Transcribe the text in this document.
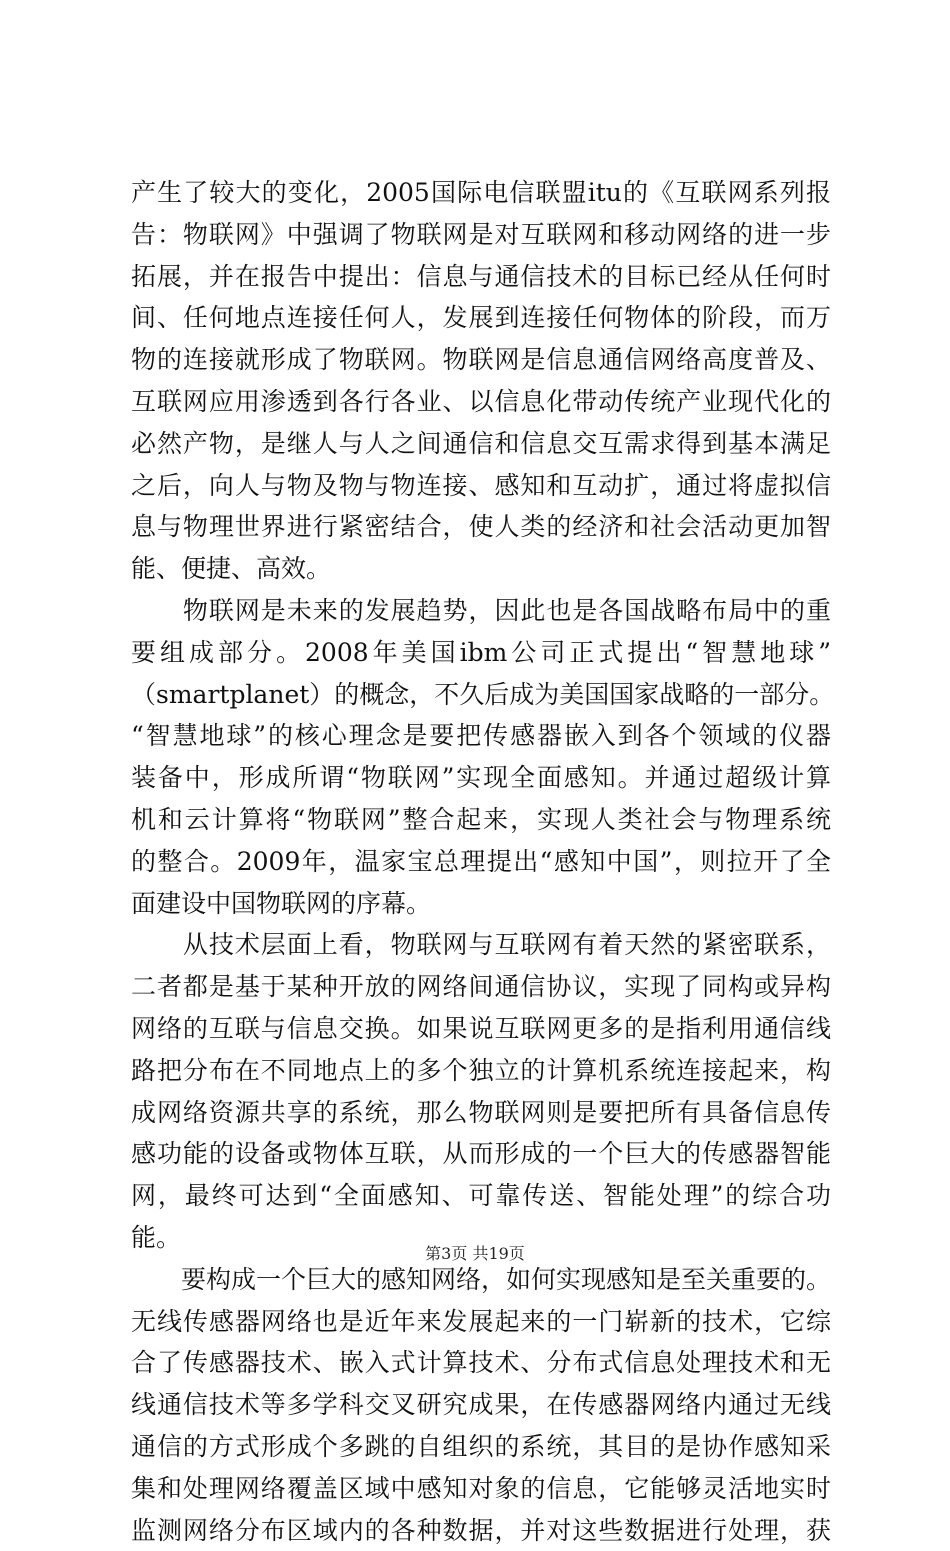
产生了较大的变化，2005国际电信联盟itu的《互联网系列报
告：物联网》中强调了物联网是对互联网和移动网络的进一步
拓展，并在报告中提出：信息与通信技术的目标已经从任何时
间、任何地点连接任何人，发展到连接任何物体的阶段，而万
物的连接就形成了物联网。物联网是信息通信网络高度普及、
互联网应用渗透到各行各业、以信息化带动传统产业现代化的
必然产物，是继人与人之间通信和信息交互需求得到基本满足
之后，向人与物及物与物连接、感知和互动扩，通过将虚拟信
息与物理世界进行紧密结合，使人类的经济和社会活动更加智
能、便捷、高效。
　　物联网是未来的发展趋势，因此也是各国战略布局中的重
要组成部分。2008年美国ibm公司正式提出“智慧地球”
（smartplanet）的概念，不久后成为美国国家战略的一部分。
“智慧地球”的核心理念是要把传感器嵌入到各个领域的仪器
装备中，形成所谓“物联网”实现全面感知。并通过超级计算
机和云计算将“物联网”整合起来，实现人类社会与物理系统
的整合。2009年，温家宝总理提出“感知中国”，则拉开了全
面建设中国物联网的序幕。
　　从技术层面上看，物联网与互联网有着天然的紧密联系，
二者都是基于某种开放的网络间通信协议，实现了同构或异构
网络的互联与信息交换。如果说互联网更多的是指利用通信线
路把分布在不同地点上的多个独立的计算机系统连接起来，构
成网络资源共享的系统，那么物联网则是要把所有具备信息传
感功能的设备或物体互联，从而形成的一个巨大的传感器智能
网，最终可达到“全面感知、可靠传送、智能处理”的综合功
能。
　　要构成一个巨大的感知网络，如何实现感知是至关重要的。
无线传感器网络也是近年来发展起来的一门崭新的技术，它综
合了传感器技术、嵌入式计算技术、分布式信息处理技术和无
线通信技术等多学科交叉研究成果，在传感器网络内通过无线
通信的方式形成个多跳的自组织的系统，其目的是协作感知采
集和处理网络覆盖区域中感知对象的信息，它能够灵活地实时
监测网络分布区域内的各种数据，并对这些数据进行处理，获
第3页 共19页
